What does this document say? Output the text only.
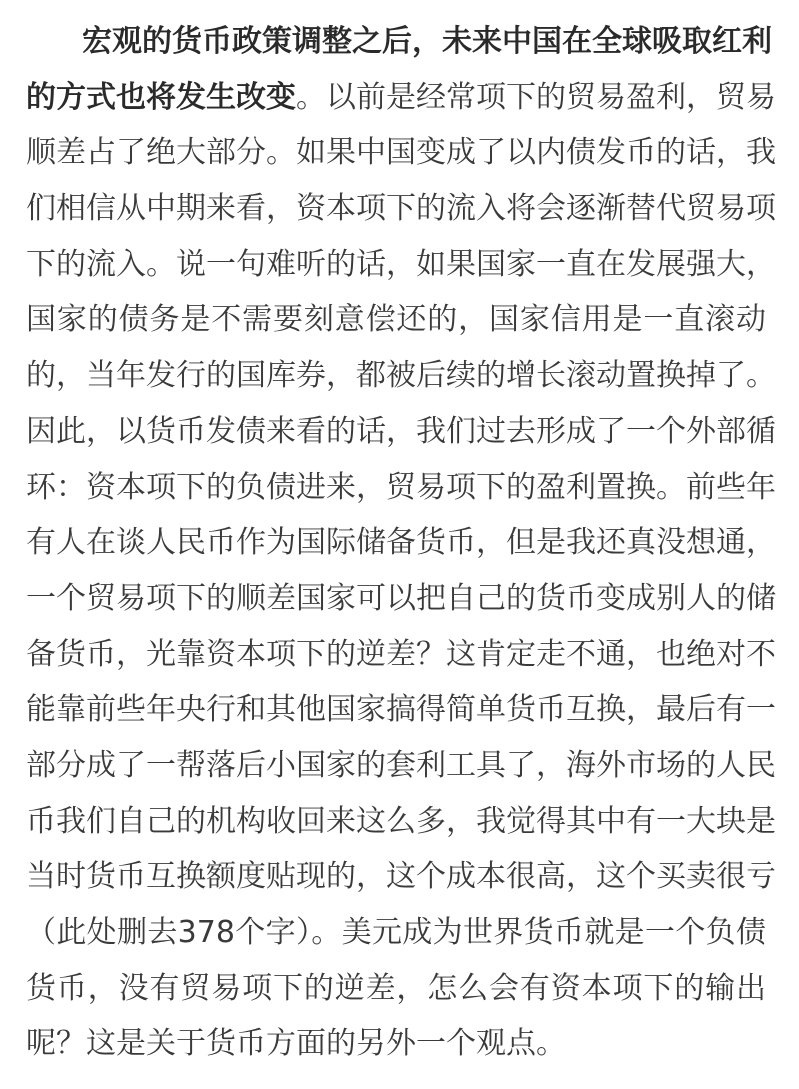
宏观的货币政策调整之后，未来中国在全球吸取红利
的方式也将发生改变。以前是经常项下的贸易盈利，贸易
顺差占了绝大部分。如果中国变成了以内债发币的话，我
们相信从中期来看，资本项下的流入将会逐渐替代贸易项
下的流入。说一句难听的话，如果国家一直在发展强大，
国家的债务是不需要刻意偿还的，国家信用是一直滚动
的，当年发行的国库券，都被后续的增长滚动置换掉了。
因此，以货币发债来看的话，我们过去形成了一个外部循
环：资本项下的负债进来，贸易项下的盈利置换。前些年
有人在谈人民币作为国际储备货币，但是我还真没想通，
一个贸易项下的顺差国家可以把自己的货币变成别人的储
备货币，光靠资本项下的逆差？这肯定走不通，也绝对不
能靠前些年央行和其他国家搞得简单货币互换，最后有一
部分成了一帮落后小国家的套利工具了，海外市场的人民
币我们自己的机构收回来这么多，我觉得其中有一大块是
当时货币互换额度贴现的，这个成本很高，这个买卖很亏
（此处删去378个字）。美元成为世界货币就是一个负债
货币，没有贸易项下的逆差，怎么会有资本项下的输出
呢？这是关于货币方面的另外一个观点。
